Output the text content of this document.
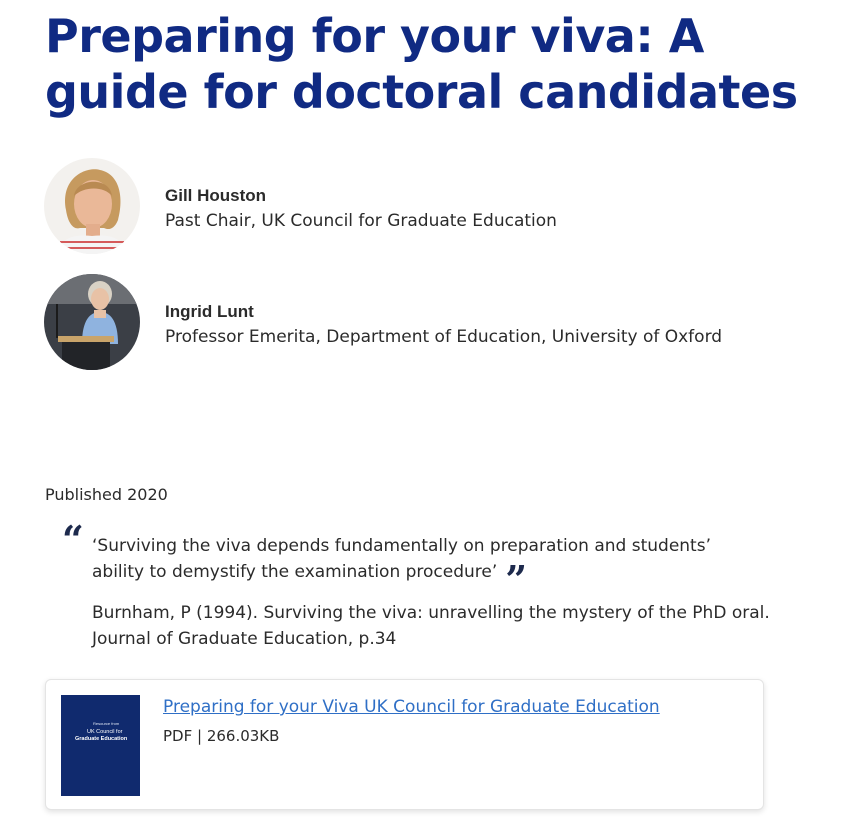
Preparing for your viva: A guide for doctoral candidates
Gill Houston
Past Chair, UK Council for Graduate Education
Ingrid Lunt
Professor Emerita, Department of Education, University of Oxford
Published 2020
“ ‘Surviving the viva depends fundamentally on preparation and students’ ability to demystify the examination procedure’ ”
Burnham, P (1994). Surviving the viva: unravelling the mystery of the PhD oral. Journal of Graduate Education, p.34
Resource from
UK Council for
Graduate Education
Preparing for your Viva UK Council for Graduate Education
PDF | 266.03KB
